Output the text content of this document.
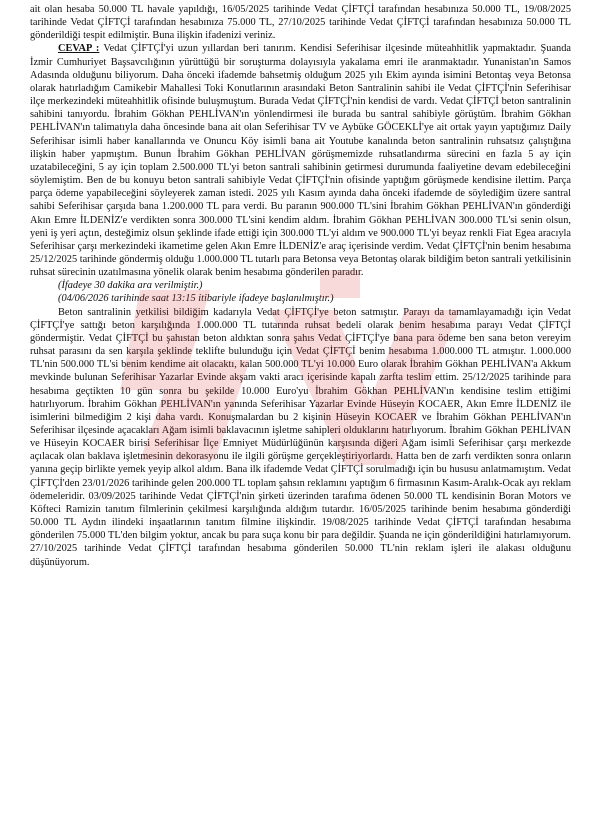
ait olan hesaba 50.000 TL havale yapıldığı, 16/05/2025 tarihinde Vedat ÇİFTÇİ tarafından hesabınıza 50.000 TL, 19/08/2025 tarihinde Vedat ÇİFTÇİ tarafından hesabınıza 75.000 TL, 27/10/2025 tarihinde Vedat ÇİFTÇİ tarafından hesabınıza 50.000 TL gönderildiği tespit edilmiştir. Buna ilişkin ifadenizi veriniz.

CEVAP : Vedat ÇİFTÇİ'yi uzun yıllardan beri tanırım. Kendisi Seferihisar ilçesinde müteahhitlik yapmaktadır. Şuanda İzmir Cumhuriyet Başsavcılığının yürüttüğü bir soruşturma dolayısıyla yakalama emri ile aranmaktadır. Yunanistan'ın Samos Adasında olduğunu biliyorum. Daha önceki ifademde bahsetmiş olduğum 2025 yılı Ekim ayında isimini Betontaş veya Betonsa olarak hatırladığım Camikebir Mahallesi Toki Konutlarının arasındaki Beton Santralinin sahibi ile Vedat ÇİFTÇİ'nin Seferihisar ilçe merkezindeki müteahhitlik ofisinde buluşmuştum. Burada Vedat ÇİFTÇİ'nin kendisi de vardı. Vedat ÇİFTÇİ beton santralinin sahibini tanıyordu. İbrahim Gökhan PEHLİVAN'ın yönlendirmesi ile burada bu santral sahibiyle görüştüm. İbrahim Gökhan PEHLİVAN'ın talimatıyla daha öncesinde bana ait olan Seferihisar TV ve Aybüke GÖCEKLİ'ye ait ortak yayın yaptığımız Daily Seferihisar isimli haber kanallarında ve Onuncu Köy isimli bana ait Youtube kanalında beton santralinin ruhsatsız çalıştığına ilişkin haber yapmıştım. Bunun İbrahim Gökhan PEHLİVAN görüşmemizde ruhsatlandırma sürecini en fazla 5 ay için uzatabileceğini, 5 ay için toplam 2.500.000 TL'yi beton santrali sahibinin getirmesi durumunda faaliyetine devam edebileceğini söylemiştim. Ben de bu konuyu beton santrali sahibiyle Vedat ÇİFTÇİ'nin ofisinde yaptığım görüşmede kendisine ilettim. Parça parça ödeme yapabileceğini söyleyerek zaman istedi. 2025 yılı Kasım ayında daha önceki ifademde de söylediğim üzere santral sahibi Seferihisar çarşıda bana 1.200.000 TL para verdi. Bu paranın 900.000 TL'sini İbrahim Gökhan PEHLİVAN'ın gönderdiği Akın Emre İLDENİZ'e verdikten sonra 300.000 TL'sini kendim aldım. İbrahim Gökhan PEHLİVAN 300.000 TL'si senin olsun, yeni iş yeri açtın, desteğimiz olsun şeklinde ifade ettiği için 300.000 TL'yi aldım ve 900.000 TL'yi beyaz renkli Fiat Egea aracıyla Seferihisar çarşı merkezindeki ikametime gelen Akın Emre İLDENİZ'e araç içerisinde verdim. Vedat ÇİFTÇİ'nin benim hesabıma 25/12/2025 tarihinde göndermiş olduğu 1.000.000 TL tutarlı para Betonsa veya Betontaş olarak bildiğim beton santrali yetkilisinin ruhsat sürecinin uzatılmasına yönelik olarak benim hesabıma gönderilen paradır.

(İfadeye 30 dakika ara verilmiştir.)

(04/06/2026 tarihinde saat 13:15 itibariyle ifadeye başlanılmıştır.)

Beton santralinin yetkilisi bildiğim kadarıyla Vedat ÇİFTÇİ'ye beton satmıştır. Parayı da tamamlayamadığı için Vedat ÇİFTÇİ'ye sattığı beton karşılığında 1.000.000 TL tutarında ruhsat bedeli olarak benim hesabıma parayı Vedat ÇİFTÇİ göndermiştir. Vedat ÇİFTÇİ bu şahıstan beton aldıktan sonra şahıs Vedat ÇİFTÇİ'ye bana para ödeme ben sana beton vereyim ruhsat parasını da sen karşıla şeklinde teklifte bulunduğu için Vedat ÇİFTÇİ benim hesabıma 1.000.000 TL atmıştır. 1.000.000 TL'nin 500.000 TL'si benim kendime ait olacaktı, kalan 500.000 TL'yi 10.000 Euro olarak İbrahim Gökhan PEHLİVAN'a Akkum mevkinde bulunan Seferihisar Yazarlar Evinde akşam vakti aracı içerisinde kapalı zarfta teslim ettim. 25/12/2025 tarihinde para hesabıma geçtikten 10 gün sonra bu şekilde 10.000 Euro'yu İbrahim Gökhan PEHLİVAN'ın kendisine teslim ettiğimi hatırlıyorum. İbrahim Gökhan PEHLİVAN'ın yanında Seferihisar Yazarlar Evinde Hüseyin KOCAER, Akın Emre İLDENİZ ile isimlerini bilmediğim 2 kişi daha vardı. Konuşmalardan bu 2 kişinin Hüseyin KOCAER ve İbrahim Gökhan PEHLİVAN'ın Seferihisar ilçesinde açacakları Ağam isimli baklavacının işletme sahipleri olduklarını hatırlıyorum. İbrahim Gökhan PEHLİVAN ve Hüseyin KOCAER birisi Seferihisar İlçe Emniyet Müdürlüğünün karşısında diğeri Ağam isimli Seferihisar çarşı merkezde açılacak olan baklava işletmesinin dekorasyonu ile ilgili görüşme gerçekleştiriyorlardı. Hatta ben de zarfı verdikten sonra onların yanına geçip birlikte yemek yeyip alkol aldım. Bana ilk ifademde Vedat ÇİFTÇİ sorulmadığı için bu hususu anlatmamıştım. Vedat ÇİFTÇİ'den 23/01/2026 tarihinde gelen 200.000 TL toplam şahsın reklamını yaptığım 6 firmasının Kasım-Aralık-Ocak ayı reklam ödemeleridir. 03/09/2025 tarihinde Vedat ÇİFTÇİ'nin şirketi üzerinden tarafıma ödenen 50.000 TL kendisinin Boran Motors ve Köfteci Ramizin tanıtım filmlerinin çekilmesi karşılığında aldığım tutardır. 16/05/2025 tarihinde benim hesabıma gönderdiği 50.000 TL Aydın ilindeki inşaatlarının tanıtım filmine ilişkindir. 19/08/2025 tarihinde Vedat ÇİFTÇİ tarafından hesabıma gönderilen 75.000 TL'den bilgim yoktur, ancak bu para suça konu bir para değildir. Şuanda ne için gönderildiğini hatırlamıyorum. 27/10/2025 tarihinde Vedat ÇİFTÇİ tarafından hesabıma gönderilen 50.000 TL'nin reklam işleri ile alakası olduğunu düşünüyorum.
